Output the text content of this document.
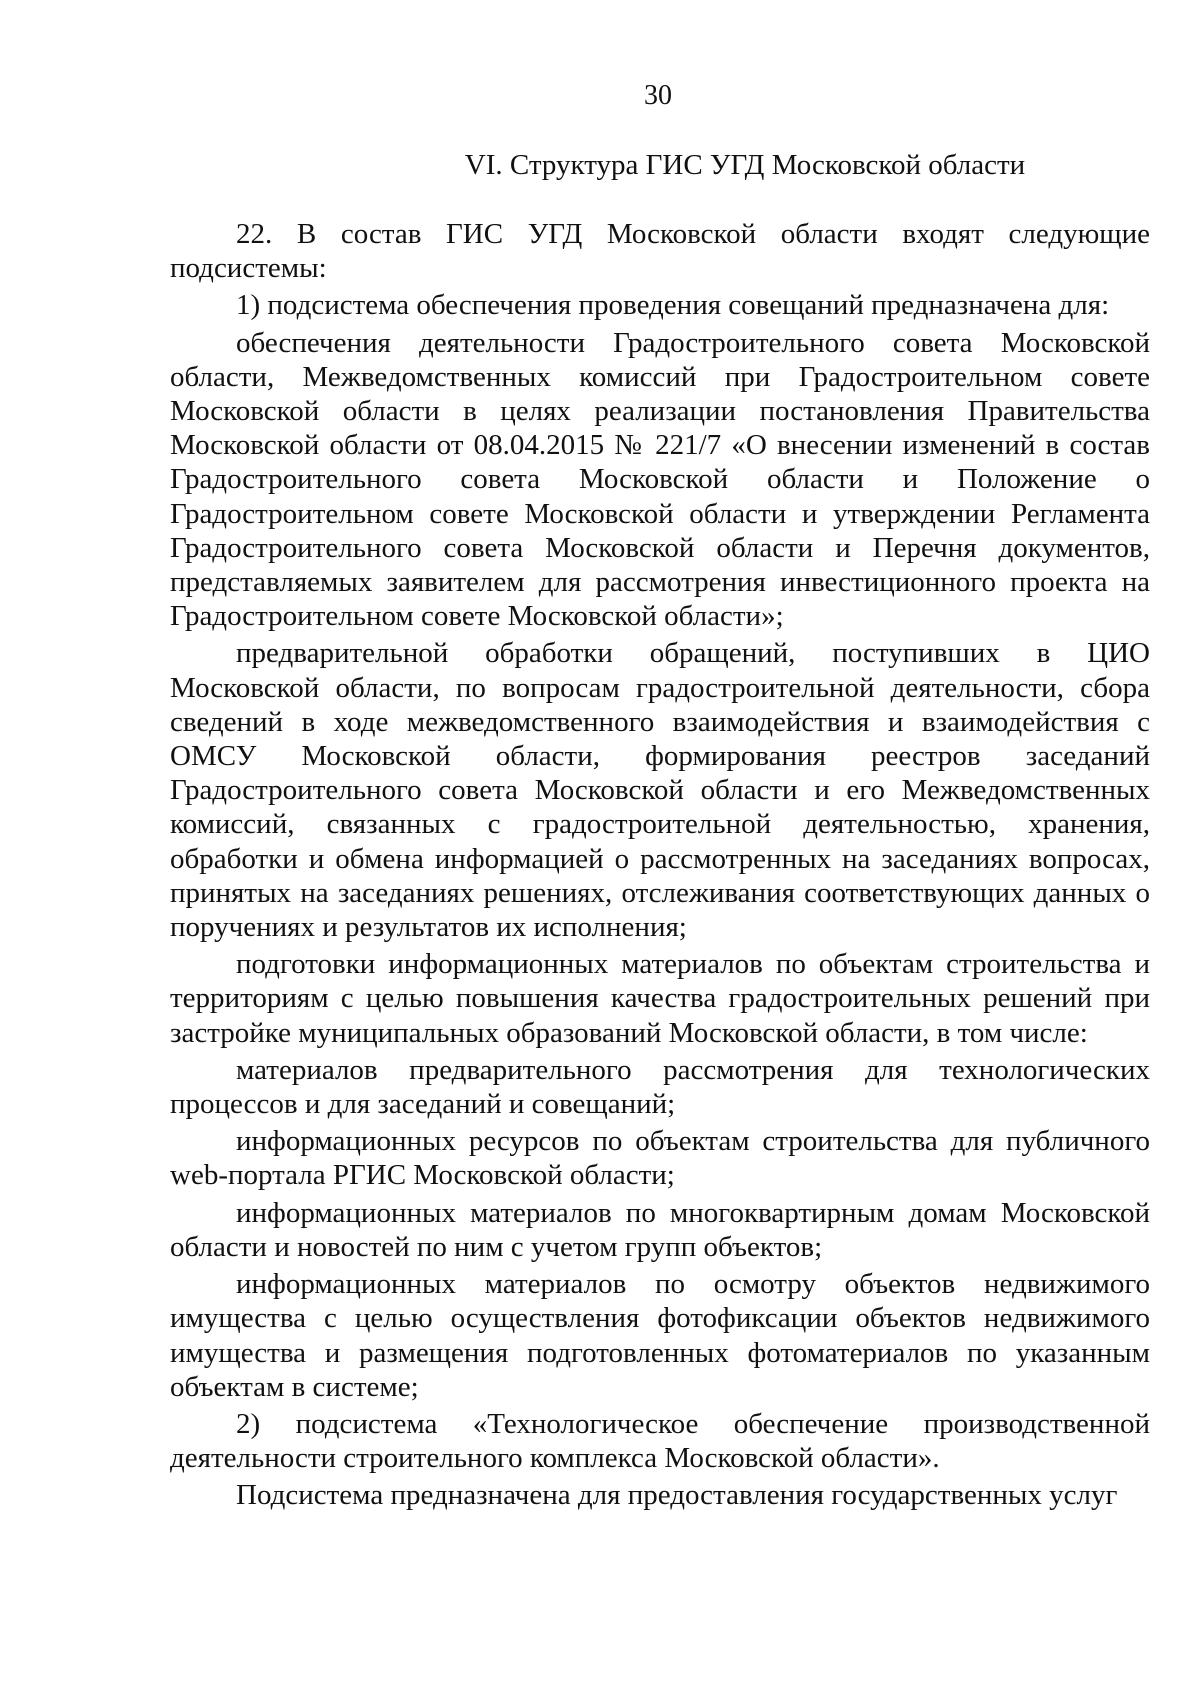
30
VI. Структура ГИС УГД Московской области

22. В состав ГИС УГД Московской области входят следующие подсистемы:

1) подсистема обеспечения проведения совещаний предназначена для:

обеспечения деятельности Градостроительного совета Московской области, Межведомственных комиссий при Градостроительном совете Московской области в целях реализации постановления Правительства Московской области от 08.04.2015 № 221/7 «О внесении изменений в состав Градостроительного совета Московской области и Положение о Градостроительном совете Московской области и утверждении Регламента Градостроительного совета Московской области и Перечня документов, представляемых заявителем для рассмотрения инвестиционного проекта на Градостроительном совете Московской области»;

предварительной обработки обращений, поступивших в ЦИО Московской области, по вопросам градостроительной деятельности, сбора сведений в ходе межведомственного взаимодействия и взаимодействия с ОМСУ Московской области, формирования реестров заседаний Градостроительного совета Московской области и его Межведомственных комиссий, связанных с градостроительной деятельностью, хранения, обработки и обмена информацией о рассмотренных на заседаниях вопросах, принятых на заседаниях решениях, отслеживания соответствующих данных о поручениях и результатов их исполнения;

подготовки информационных материалов по объектам строительства и территориям с целью повышения качества градостроительных решений при застройке муниципальных образований Московской области, в том числе:

материалов предварительного рассмотрения для технологических процессов и для заседаний и совещаний;

информационных ресурсов по объектам строительства для публичного web-портала РГИС Московской области;

информационных материалов по многоквартирным домам Московской области и новостей по ним с учетом групп объектов;

информационных материалов по осмотру объектов недвижимого имущества с целью осуществления фотофиксации объектов недвижимого имущества и размещения подготовленных фотоматериалов по указанным объектам в системе;

2) подсистема «Технологическое обеспечение производственной деятельности строительного комплекса Московской области».

Подсистема предназначена для предоставления государственных услуг
